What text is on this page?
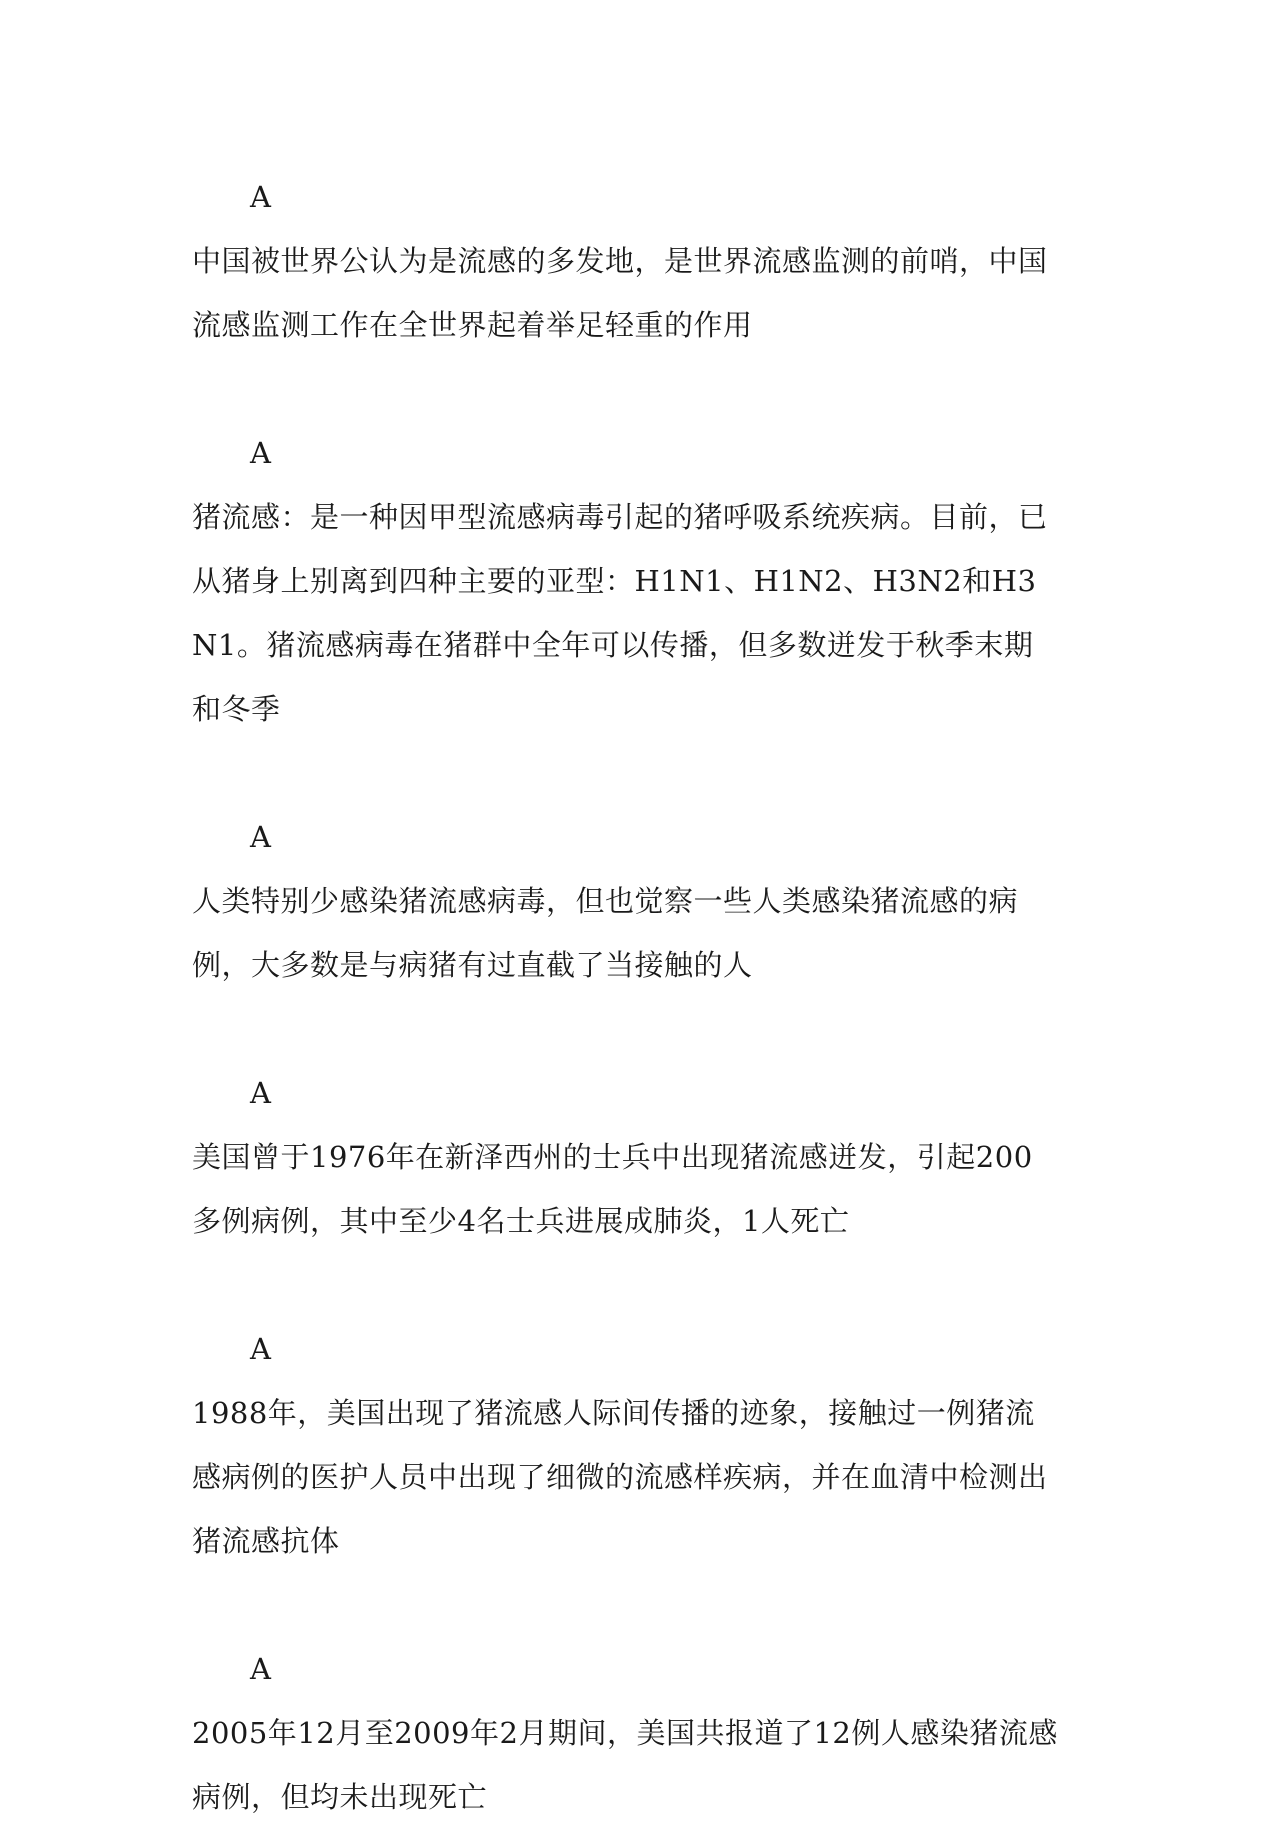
A

中国被世界公认为是流感的多发地，是世界流感监测的前哨，中国流感监测工作在全世界起着举足轻重的作用

A

猪流感：是一种因甲型流感病毒引起的猪呼吸系统疾病。目前，已从猪身上别离到四种主要的亚型：H1N1、H1N2、H3N2和H3N1。猪流感病毒在猪群中全年可以传播，但多数迸发于秋季末期和冬季

A

人类特别少感染猪流感病毒，但也觉察一些人类感染猪流感的病例，大多数是与病猪有过直截了当接触的人

A

美国曾于1976年在新泽西州的士兵中出现猪流感迸发，引起200多例病例，其中至少4名士兵进展成肺炎，1人死亡

A

1988年，美国出现了猪流感人际间传播的迹象，接触过一例猪流感病例的医护人员中出现了细微的流感样疾病，并在血清中检测出猪流感抗体

A

2005年12月至2009年2月期间，美国共报道了12例人感染猪流感病例，但均未出现死亡
